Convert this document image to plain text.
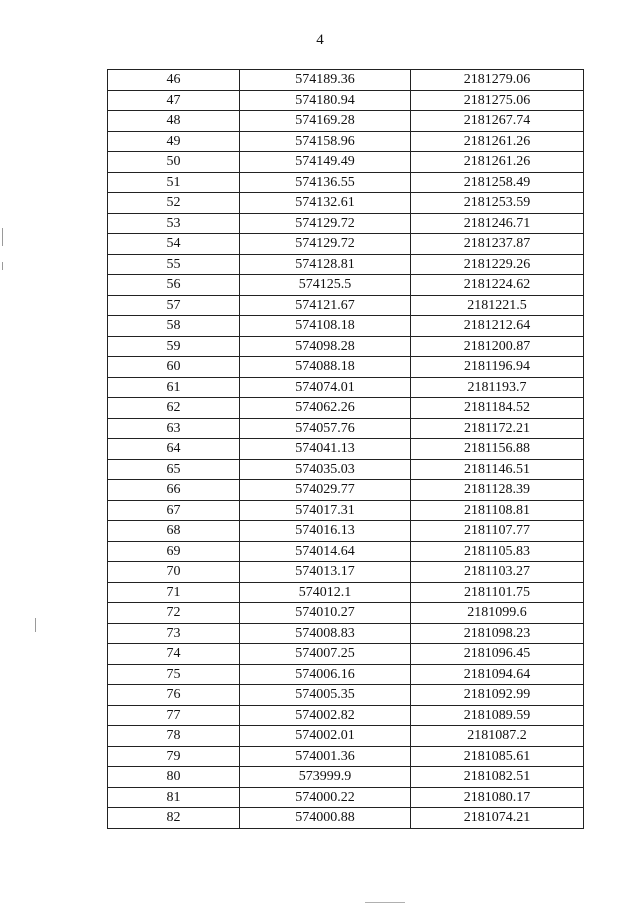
4
46	574189.36	2181279.06
47	574180.94	2181275.06
48	574169.28	2181267.74
49	574158.96	2181261.26
50	574149.49	2181261.26
51	574136.55	2181258.49
52	574132.61	2181253.59
53	574129.72	2181246.71
54	574129.72	2181237.87
55	574128.81	2181229.26
56	574125.5	2181224.62
57	574121.67	2181221.5
58	574108.18	2181212.64
59	574098.28	2181200.87
60	574088.18	2181196.94
61	574074.01	2181193.7
62	574062.26	2181184.52
63	574057.76	2181172.21
64	574041.13	2181156.88
65	574035.03	2181146.51
66	574029.77	2181128.39
67	574017.31	2181108.81
68	574016.13	2181107.77
69	574014.64	2181105.83
70	574013.17	2181103.27
71	574012.1	2181101.75
72	574010.27	2181099.6
73	574008.83	2181098.23
74	574007.25	2181096.45
75	574006.16	2181094.64
76	574005.35	2181092.99
77	574002.82	2181089.59
78	574002.01	2181087.2
79	574001.36	2181085.61
80	573999.9	2181082.51
81	574000.22	2181080.17
82	574000.88	2181074.21
